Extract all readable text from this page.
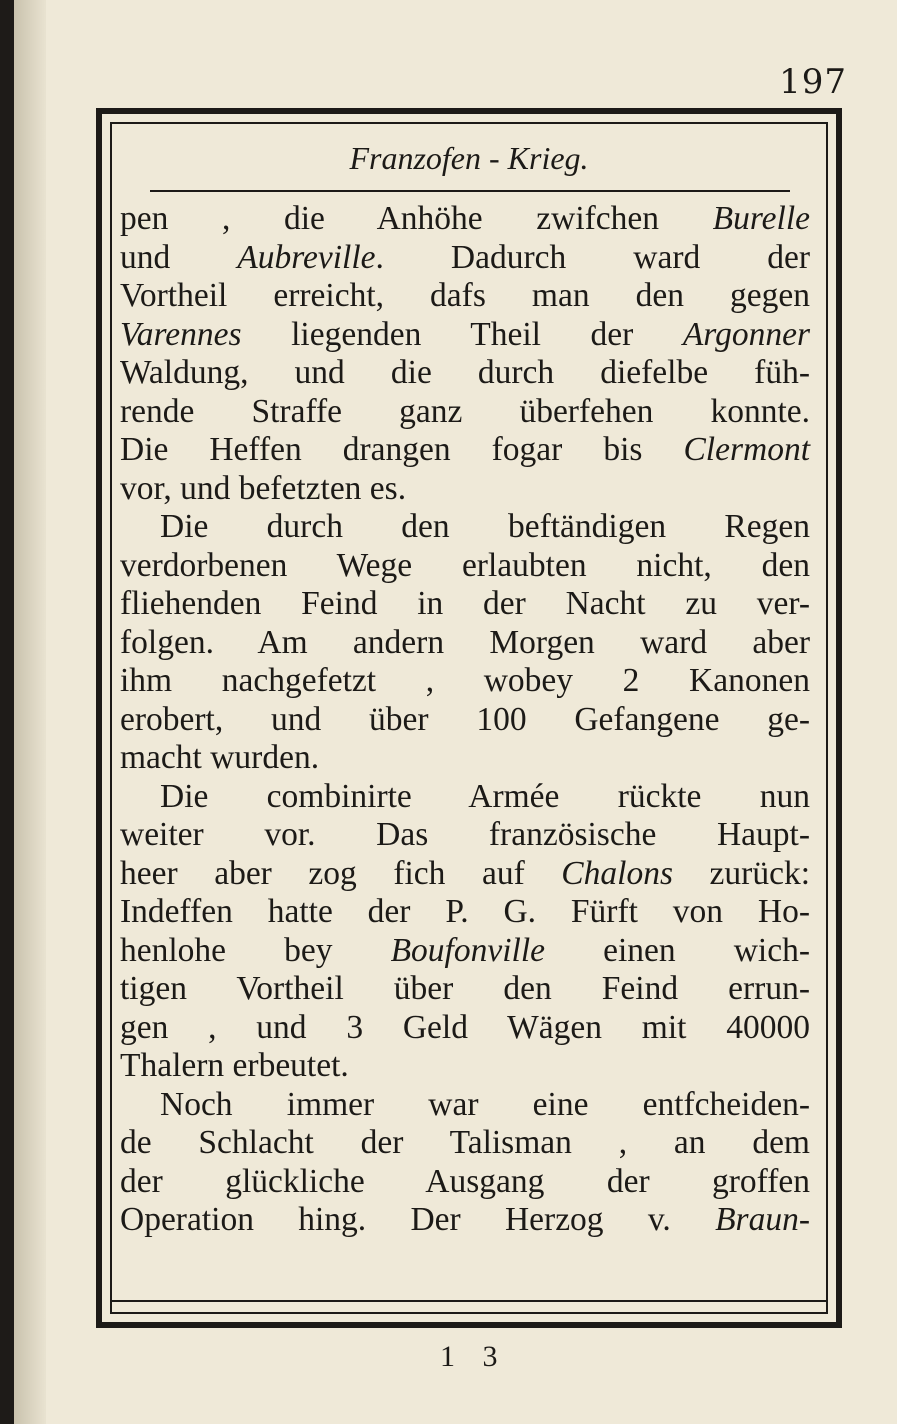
197
Franzofen - Krieg.
pen , die Anhöhe zwifchen Burelle
und Aubreville. Dadurch ward der
Vortheil erreicht, dafs man den gegen
Varennes liegenden Theil der Argonner
Waldung, und die durch diefelbe füh-
rende Straffe ganz überfehen konnte.
Die Heffen drangen fogar bis Clermont
vor, und befetzten es.
Die durch den beftändigen Regen
verdorbenen Wege erlaubten nicht, den
fliehenden Feind in der Nacht zu ver-
folgen. Am andern Morgen ward aber
ihm nachgefetzt , wobey 2 Kanonen
erobert, und über 100 Gefangene ge-
macht wurden.
Die combinirte Armée rückte nun
weiter vor. Das französische Haupt-
heer aber zog fich auf Chalons zurück:
Indeffen hatte der P. G. Fürft von Ho-
henlohe bey Boufonville einen wich-
tigen Vortheil über den Feind errun-
gen , und 3 Geld Wägen mit 40000
Thalern erbeutet.
Noch immer war eine entfcheiden-
de Schlacht der Talisman , an dem
der glückliche Ausgang der groffen
Operation hing. Der Herzog v. Braun-
1 3
